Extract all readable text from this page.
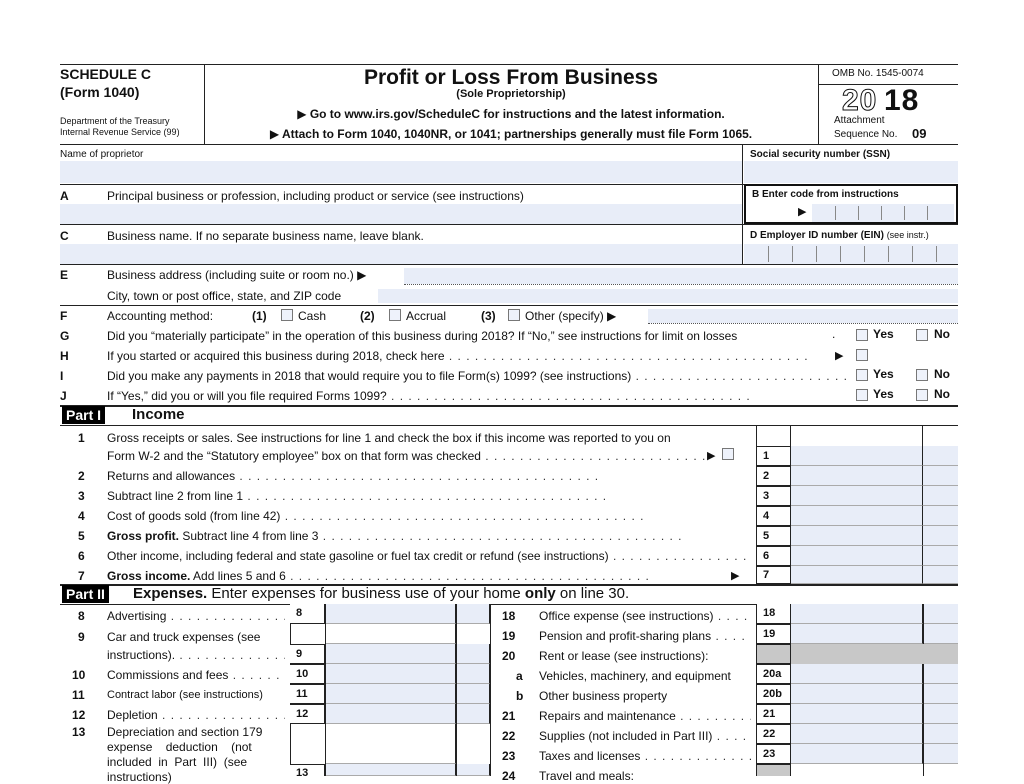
SCHEDULE C
(Form 1040)
Department of the Treasury
Internal Revenue Service (99)
Profit or Loss From Business
(Sole Proprietorship)
▶ Go to www.irs.gov/ScheduleC for instructions and the latest information.
▶ Attach to Form 1040, 1040NR, or 1041; partnerships generally must file Form 1065.
OMB No. 1545-0074
20 18
Attachment
Sequence No. 09
Name of proprietor	Social security number (SSN)
A	Principal business or profession, including product or service (see instructions)	B Enter code from instructions
▶
C	Business name. If no separate business name, leave blank.	D Employer ID number (EIN) (see instr.)
E	Business address (including suite or room no.) ▶
City, town or post office, state, and ZIP code
F	Accounting method:	(1)	Cash	(2)	Accrual	(3) Other (specify) ▶
G	Did you “materially participate” in the operation of this business during 2018? If “No,” see instructions for limit on losses	.	Yes	No
H	If you started or acquired this business during 2018, check here . .	▶
I	Did you make any payments in 2018 that would require you to file Form(s) 1099? (see instructions) . .	Yes	No
J	If “Yes,” did you or will you file required Forms 1099? . .	Yes	No
Part I Income
1 Gross receipts or sales. See instructions for line 1 and check the box if this income was reported to you on
Form W-2 and the “Statutory employee” box on that form was checked . .	▶	1
2 Returns and allowances . .	2
3 Subtract line 2 from line 1 . .	3
4 Cost of goods sold (from line 42) . .	4
5 Gross profit. Subtract line 4 from line 3 . .	5
6 Other income, including federal and state gasoline or fuel tax credit or refund (see instructions) . .	6
7 Gross income. Add lines 5 and 6 . .	▶	7
Part II Expenses. Enter expenses for business use of your home only on line 30.
8 Advertising . .	8
9 Car and truck expenses (see
instructions). . .	9
10 Commissions and fees . .	10
11 Contract labor (see instructions)	11
12 Depletion . .	12
13 Depreciation and section 179
expense    deduction    (not
included  in  Part  III)  (see
instructions)	13
18 Office expense (see instructions) . .	18
19 Pension and profit-sharing plans . .	19
20 Rent or lease (see instructions):
a Vehicles, machinery, and equipment	20a
b Other business property	20b
21 Repairs and maintenance . .	21
22 Supplies (not included in Part III) . .	22
23 Taxes and licenses . .	23
24 Travel and meals:
